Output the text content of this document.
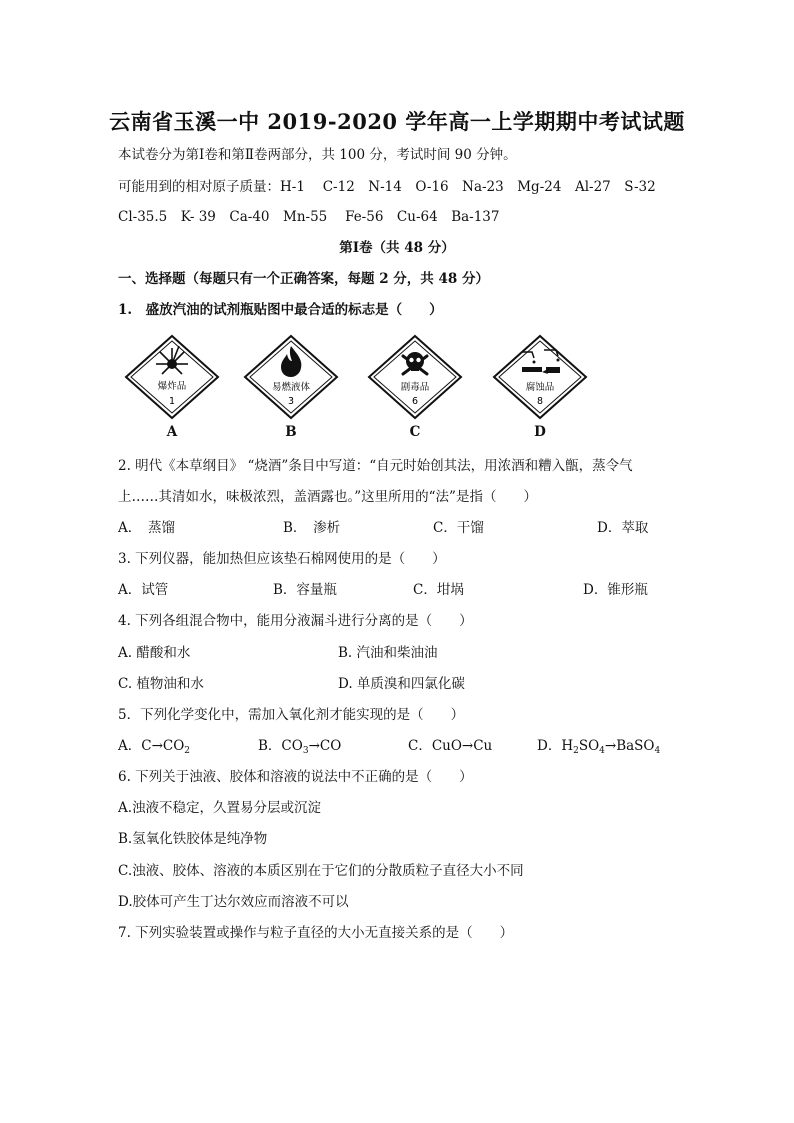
云南省玉溪一中 2019-2020 学年高一上学期期中考试试题
本试卷分为第Ⅰ卷和第Ⅱ卷两部分，共 100 分，考试时间 90 分钟。
可能用到的相对原子质量：H-1　 C-12　N-14　O-16　Na-23　Mg-24　Al-27　S-32
Cl-35.5　K- 39　Ca-40　Mn-55　 Fe-56　Cu-64　Ba-137
第Ⅰ卷（共 48 分）
一、选择题（每题只有一个正确答案，每题 2 分，共 48 分）
1.　盛放汽油的试剂瓶贴图中最合适的标志是（　　）
爆炸品
1
易燃液体
3
剧毒品
6
腐蚀品
8
A	B	C	D
2. 明代《本草纲目》 “烧酒”条目中写道：“自元时始创其法，用浓酒和糟入甑，蒸令气
上……其清如水，味极浓烈，盖酒露也。”这里所用的“法”是指（　　）
A．　蒸馏	B．　渗析	C．干馏	D．萃取
3. 下列仪器，能加热但应该垫石棉网使用的是（　　）
A．试管	B．容量瓶	C．坩埚	D．锥形瓶
4. 下列各组混合物中，能用分液漏斗进行分离的是（　　）
A. 醋酸和水	B. 汽油和柴油油
C. 植物油和水	D. 单质溴和四氯化碳
5．下列化学变化中，需加入氧化剂才能实现的是（　　）
A．$C\to CO_2$	B．$CO_3\to CO$	C．CuO→Cu	D．$H_2SO_4\to BaSO_4$
6. 下列关于浊液、胶体和溶液的说法中不正确的是（　　）
A.浊液不稳定，久置易分层或沉淀
B.氢氧化铁胶体是纯净物
C.浊液、胶体、溶液的本质区别在于它们的分散质粒子直径大小不同
D.胶体可产生丁达尔效应而溶液不可以
7. 下列实验装置或操作与粒子直径的大小无直接关系的是（　　）
